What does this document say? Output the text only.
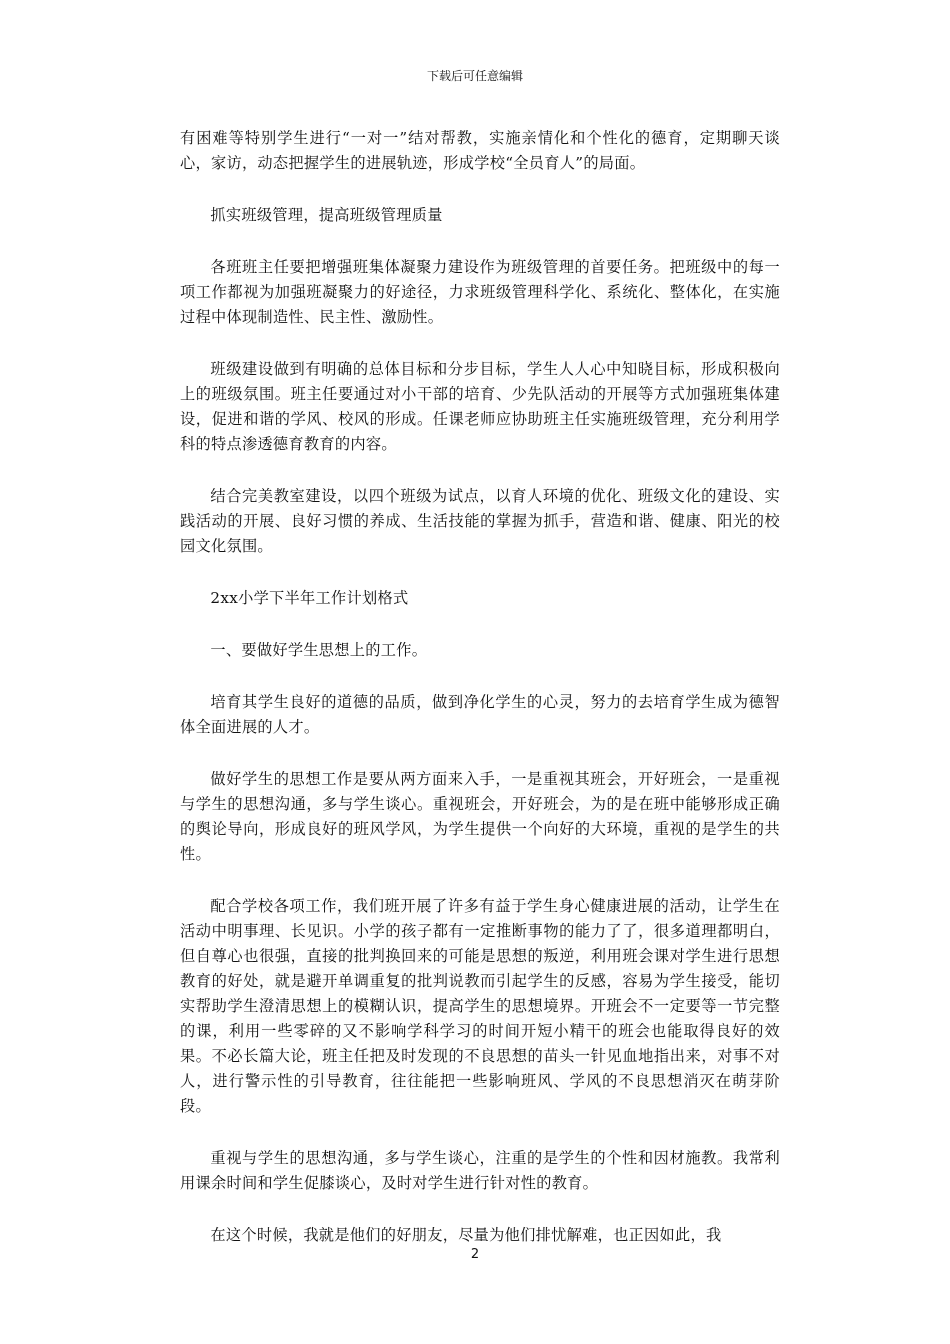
下载后可任意编辑

有困难等特别学生进行“一对一”结对帮教，实施亲情化和个性化的德育，定期聊天谈心，家访，动态把握学生的进展轨迹，形成学校“全员育人”的局面。

抓实班级管理，提高班级管理质量

各班班主任要把增强班集体凝聚力建设作为班级管理的首要任务。把班级中的每一项工作都视为加强班凝聚力的好途径，力求班级管理科学化、系统化、整体化，在实施过程中体现制造性、民主性、激励性。

班级建设做到有明确的总体目标和分步目标，学生人人心中知晓目标，形成积极向上的班级氛围。班主任要通过对小干部的培育、少先队活动的开展等方式加强班集体建设，促进和谐的学风、校风的形成。任课老师应协助班主任实施班级管理，充分利用学科的特点渗透德育教育的内容。

结合完美教室建设，以四个班级为试点，以育人环境的优化、班级文化的建设、实践活动的开展、良好习惯的养成、生活技能的掌握为抓手，营造和谐、健康、阳光的校园文化氛围。

2xx小学下半年工作计划格式

一、要做好学生思想上的工作。

培育其学生良好的道德的品质，做到净化学生的心灵，努力的去培育学生成为德智体全面进展的人才。

做好学生的思想工作是要从两方面来入手，一是重视其班会，开好班会，一是重视与学生的思想沟通，多与学生谈心。重视班会，开好班会，为的是在班中能够形成正确的舆论导向，形成良好的班风学风，为学生提供一个向好的大环境，重视的是学生的共性。

配合学校各项工作，我们班开展了许多有益于学生身心健康进展的活动，让学生在活动中明事理、长见识。小学的孩子都有一定推断事物的能力了了，很多道理都明白，但自尊心也很强，直接的批判换回来的可能是思想的叛逆，利用班会课对学生进行思想教育的好处，就是避开单调重复的批判说教而引起学生的反感，容易为学生接受，能切实帮助学生澄清思想上的模糊认识，提高学生的思想境界。开班会不一定要等一节完整的课，利用一些零碎的又不影响学科学习的时间开短小精干的班会也能取得良好的效果。不必长篇大论，班主任把及时发现的不良思想的苗头一针见血地指出来，对事不对人，进行警示性的引导教育，往往能把一些影响班风、学风的不良思想消灭在萌芽阶段。

重视与学生的思想沟通，多与学生谈心，注重的是学生的个性和因材施教。我常利用课余时间和学生促膝谈心，及时对学生进行针对性的教育。

在这个时候，我就是他们的好朋友，尽量为他们排忧解难，也正因如此，我

2
